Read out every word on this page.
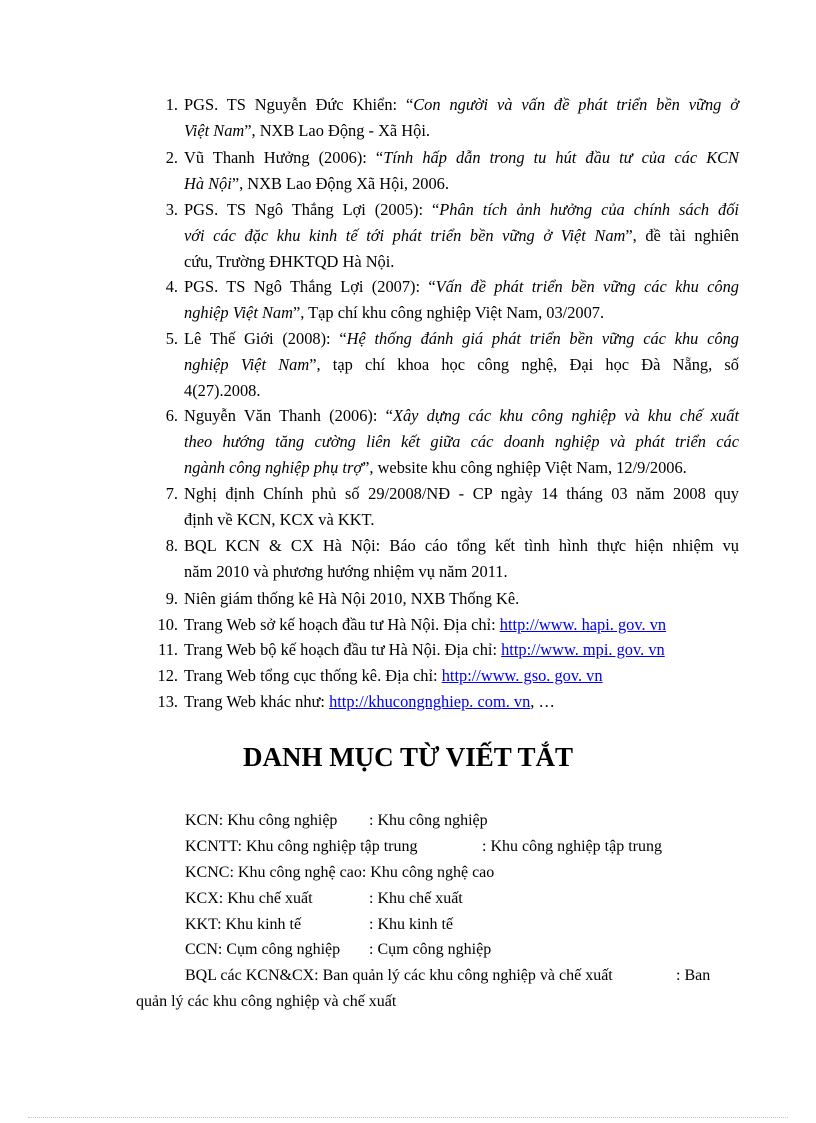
1. PGS. TS Nguyễn Đức Khiển: “Con người và vấn đề phát triển bền vững ở
Việt Nam”, NXB Lao Động - Xã Hội.
2. Vũ Thanh Hưởng (2006): “Tính hấp dẫn trong tu hút đầu tư của các KCN
Hà Nội”, NXB Lao Động Xã Hội, 2006.
3. PGS. TS Ngô Thắng Lợi (2005): “Phân tích ảnh hưởng của chính sách đối
với các đặc khu kinh tế tới phát triển bền vững ở Việt Nam”, đề tài nghiên
cứu, Trường ĐHKTQD Hà Nội.
4. PGS. TS Ngô Thắng Lợi (2007): “Vấn đề phát triển bền vững các khu công
nghiệp Việt Nam”, Tạp chí khu công nghiệp Việt Nam, 03/2007.
5. Lê Thế Giới (2008): “Hệ thống đánh giá phát triển bền vững các khu công
nghiệp Việt Nam”, tạp chí khoa học công nghệ, Đại học Đà Nẵng, số
4(27).2008.
6. Nguyễn Văn Thanh (2006): “Xây dựng các khu công nghiệp và khu chế xuất
theo hướng tăng cường liên kết giữa các doanh nghiệp và phát triển các
ngành công nghiệp phụ trợ”, website khu công nghiệp Việt Nam, 12/9/2006.
7. Nghị định Chính phủ số 29/2008/NĐ - CP ngày 14 tháng 03 năm 2008 quy
định về KCN, KCX và KKT.
8. BQL KCN & CX Hà Nội: Báo cáo tổng kết tình hình thực hiện nhiệm vụ
năm 2010 và phương hướng nhiệm vụ năm 2011.
9. Niên giám thống kê Hà Nội 2010, NXB Thống Kê.
10. Trang Web sở kế hoạch đầu tư Hà Nội. Địa chỉ: http://www. hapi. gov. vn
11. Trang Web bộ kế hoạch đầu tư Hà Nội. Địa chỉ: http://www. mpi. gov. vn
12. Trang Web tổng cục thống kê. Địa chỉ: http://www. gso. gov. vn
13. Trang Web khác như: http://khucongnghiep. com. vn, …
DANH MỤC TỪ VIẾT TẮT
KCN: Khu công nghiệp : Khu công nghiệp
KCNTT: Khu công nghiệp tập trung	: Khu công nghiệp tập trung
KCNC: Khu công nghệ cao: Khu công nghệ cao
KCX: Khu chế xuất	: Khu chế xuất
KKT: Khu kinh tế	: Khu kinh tế
CCN: Cụm công nghiệp : Cụm công nghiệp
BQL các KCN&CX: Ban quản lý các khu công nghiệp và chế xuất	: Ban
quản lý các khu công nghiệp và chế xuất
